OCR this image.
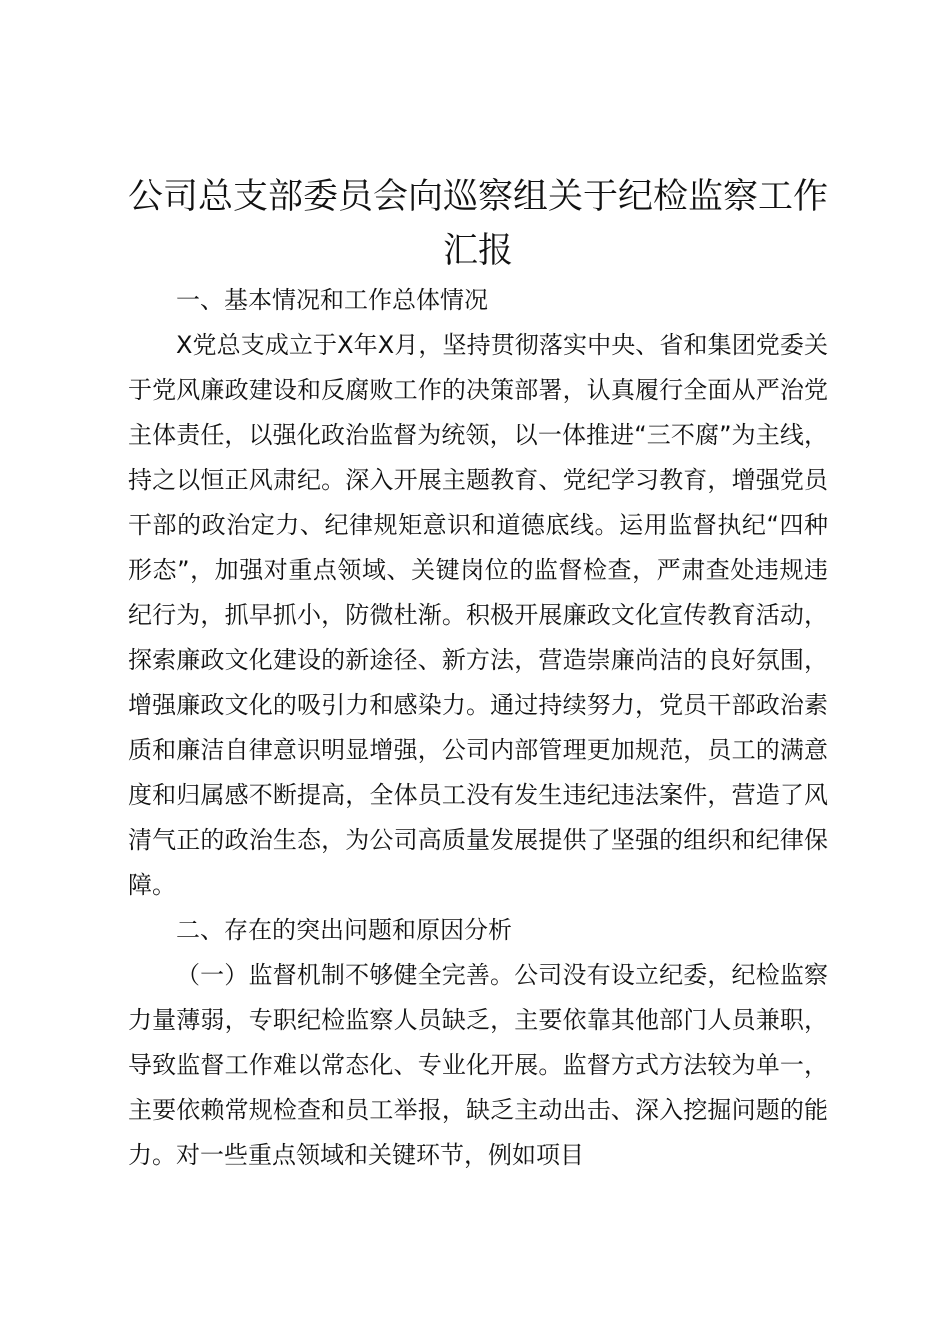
公司总支部委员会向巡察组关于纪检监察工作汇报

一、基本情况和工作总体情况

X党总支成立于X年X月，坚持贯彻落实中央、省和集团党委关于党风廉政建设和反腐败工作的决策部署，认真履行全面从严治党主体责任，以强化政治监督为统领，以一体推进“三不腐”为主线，持之以恒正风肃纪。深入开展主题教育、党纪学习教育，增强党员干部的政治定力、纪律规矩意识和道德底线。运用监督执纪“四种形态”，加强对重点领域、关键岗位的监督检查，严肃查处违规违纪行为，抓早抓小，防微杜渐。积极开展廉政文化宣传教育活动，探索廉政文化建设的新途径、新方法，营造崇廉尚洁的良好氛围，增强廉政文化的吸引力和感染力。通过持续努力，党员干部政治素质和廉洁自律意识明显增强，公司内部管理更加规范，员工的满意度和归属感不断提高，全体员工没有发生违纪违法案件，营造了风清气正的政治生态，为公司高质量发展提供了坚强的组织和纪律保障。

二、存在的突出问题和原因分析

（一）监督机制不够健全完善。公司没有设立纪委，纪检监察力量薄弱，专职纪检监察人员缺乏，主要依靠其他部门人员兼职，导致监督工作难以常态化、专业化开展。监督方式方法较为单一，主要依赖常规检查和员工举报，缺乏主动出击、深入挖掘问题的能力。对一些重点领域和关键环节，例如项目
